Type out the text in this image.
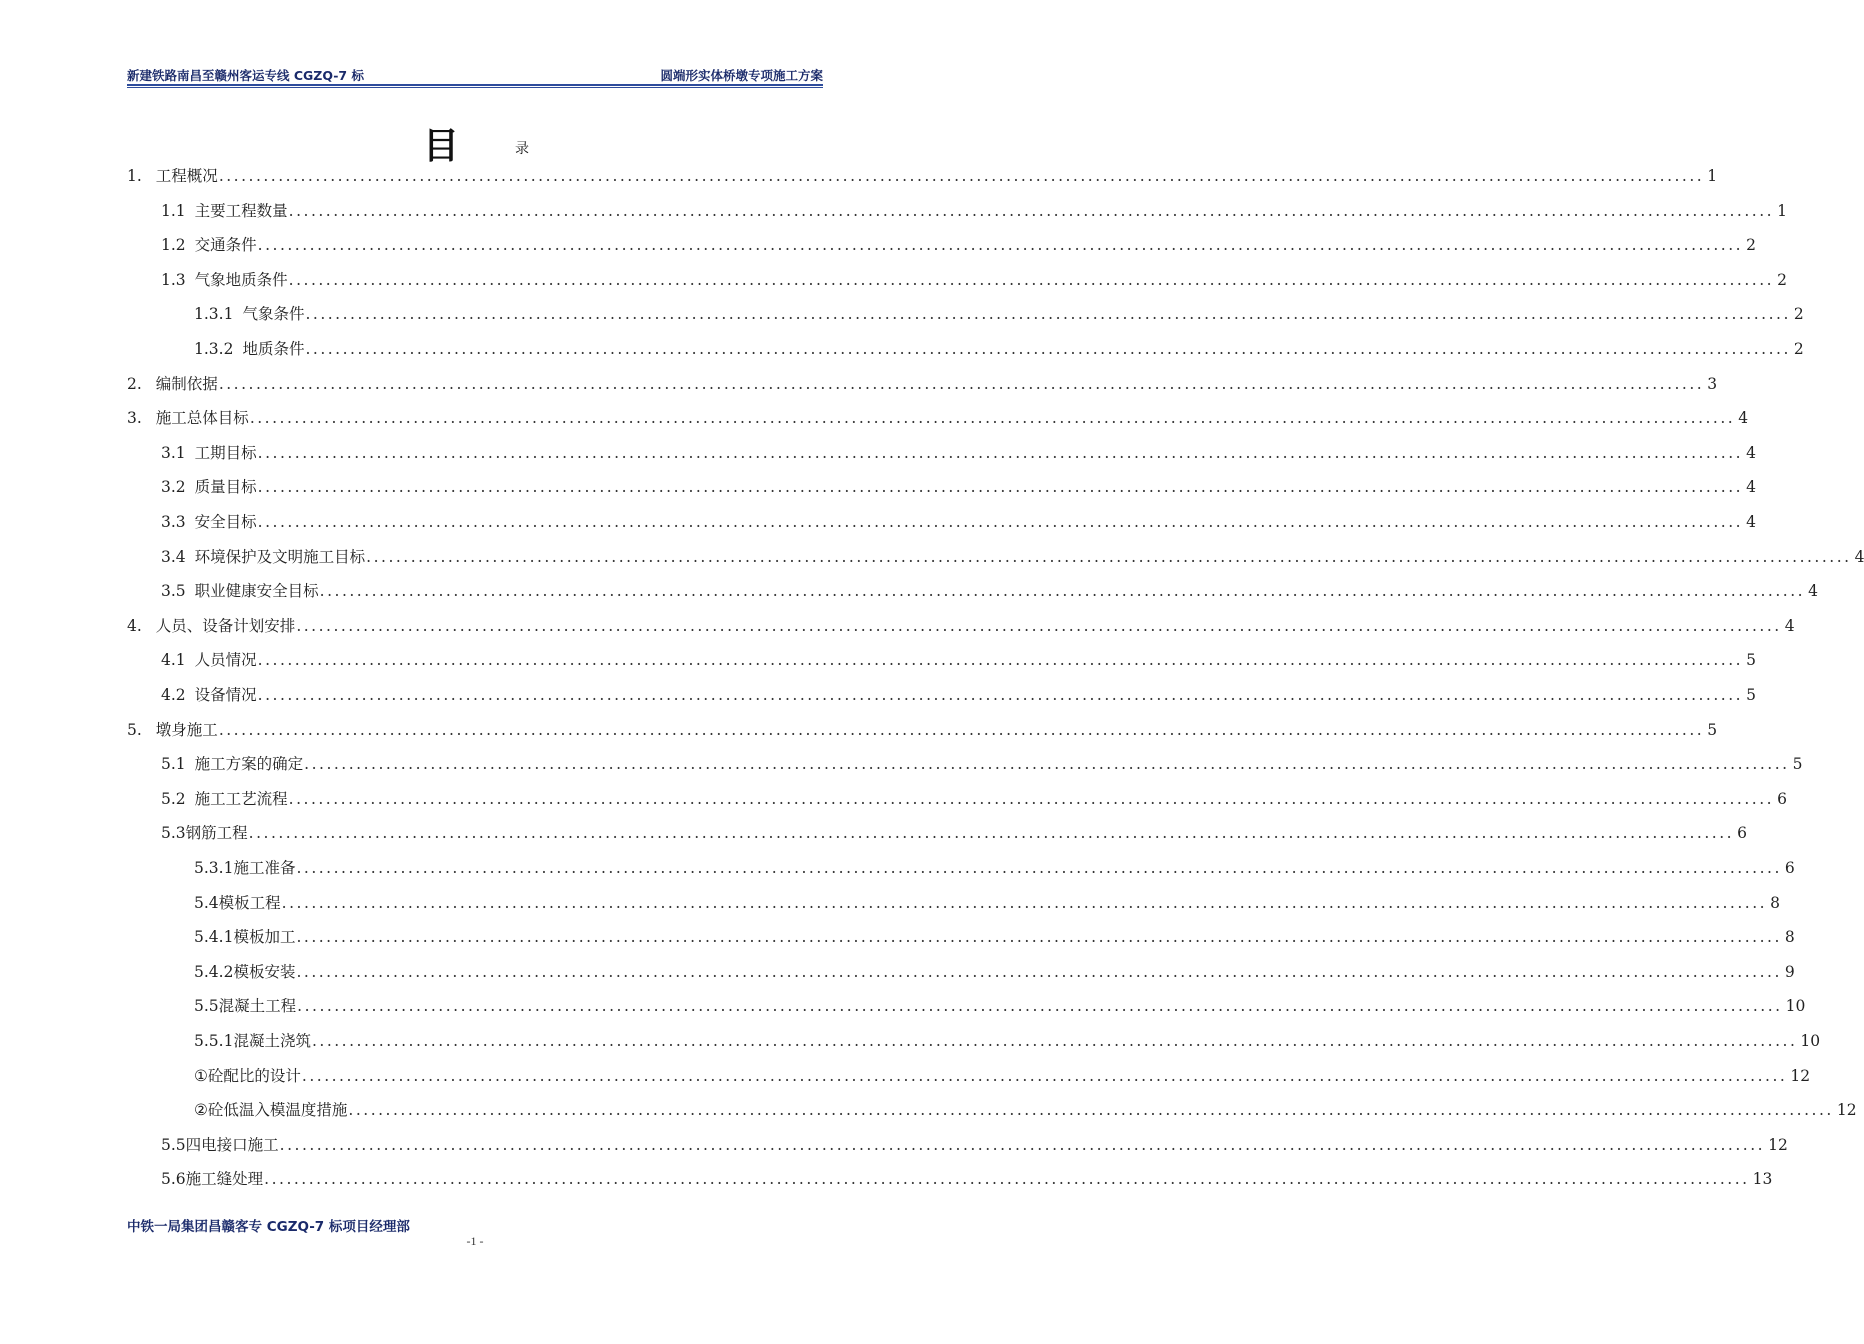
新建铁路南昌至赣州客运专线 CGZQ-7 标	圆端形实体桥墩专项施工方案
目	录
1. 工程概况 ........................................................................................................................................................................................................ 1
1.1 主要工程数量 ........................................................................................................................................................................................................ 1
1.2 交通条件 ........................................................................................................................................................................................................ 2
1.3 气象地质条件 ........................................................................................................................................................................................................ 2
1.3.1 气象条件 ........................................................................................................................................................................................................ 2
1.3.2 地质条件 ........................................................................................................................................................................................................ 2
2. 编制依据 ........................................................................................................................................................................................................ 3
3. 施工总体目标 ........................................................................................................................................................................................................ 4
3.1 工期目标 ........................................................................................................................................................................................................ 4
3.2 质量目标 ........................................................................................................................................................................................................ 4
3.3 安全目标 ........................................................................................................................................................................................................ 4
3.4 环境保护及文明施工目标 ........................................................................................................................................................................................................ 4
3.5 职业健康安全目标 ........................................................................................................................................................................................................ 4
4. 人员、设备计划安排 ........................................................................................................................................................................................................ 4
4.1 人员情况 ........................................................................................................................................................................................................ 5
4.2 设备情况 ........................................................................................................................................................................................................ 5
5. 墩身施工 ........................................................................................................................................................................................................ 5
5.1 施工方案的确定 ........................................................................................................................................................................................................ 5
5.2 施工工艺流程 ........................................................................................................................................................................................................ 6
5.3 钢筋工程 ........................................................................................................................................................................................................ 6
5.3.1 施工准备 ........................................................................................................................................................................................................ 6
5.4 模板工程 ........................................................................................................................................................................................................ 8
5.4.1 模板加工 ........................................................................................................................................................................................................ 8
5.4.2 模板安装 ........................................................................................................................................................................................................ 9
5.5 混凝土工程 ........................................................................................................................................................................................................ 10
5.5.1 混凝土浇筑 ........................................................................................................................................................................................................ 10
① 砼配比的设计 ........................................................................................................................................................................................................ 12
② 砼低温入模温度措施 ........................................................................................................................................................................................................ 12
5.5 四电接口施工 ........................................................................................................................................................................................................ 12
5.6 施工缝处理 ........................................................................................................................................................................................................ 13
中铁一局集团昌赣客专 CGZQ-7 标项目经理部
-1 -
